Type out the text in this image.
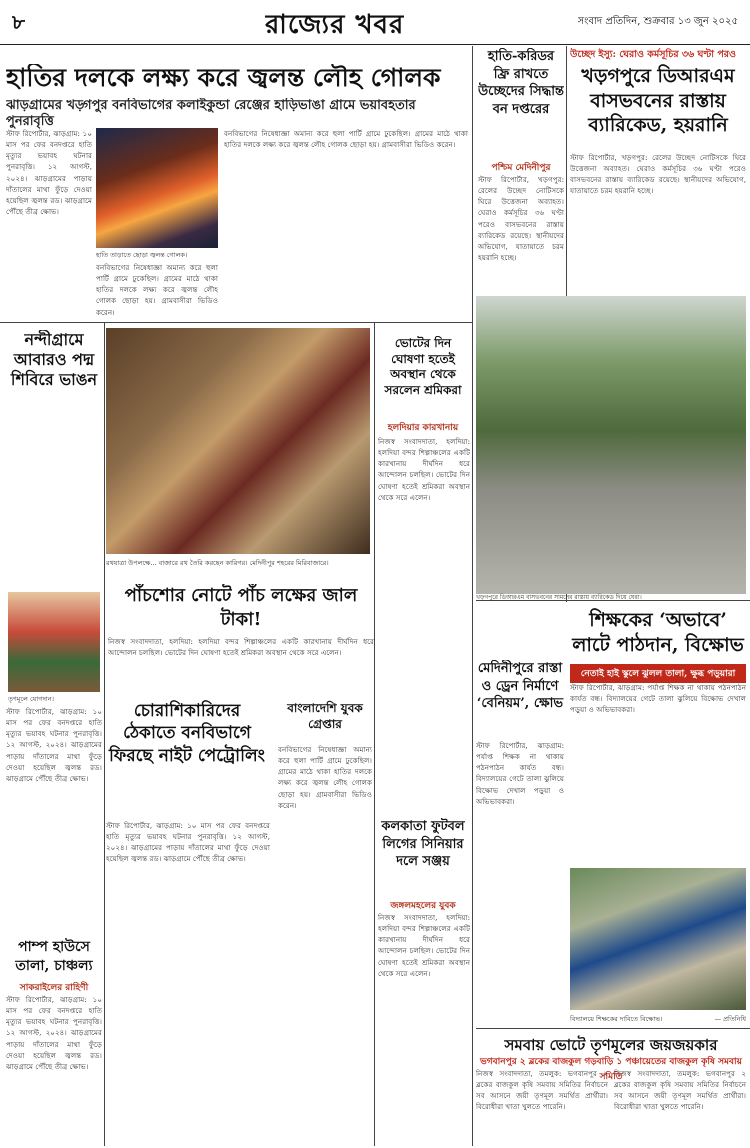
৮	রাজ্যের খবর	সংবাদ প্রতিদিন, শুক্রবার ১৩ জুন ২০২৫
হাতির দলকে লক্ষ্য করে জ্বলন্ত লৌহ গোলক
ঝাড়গ্রামের খড়্গপুর বনবিভাগের কলাইকুন্ডা রেঞ্জের হাড়িভাঙা গ্রামে ভয়াবহতার পুনরাবৃত্তি
স্টাফ রিপোর্টার, ঝাড়গ্রাম: ১০ মাস পর ফের বনদপ্তরে হাতি মৃত্যুর ভয়াবহ ঘটনার পুনরাবৃত্তি। ১২ আগস্ট, ২০২৪। ঝাড়গ্রামের পাড়ায় দাঁতালের মাথা ফুঁড়ে দেওয়া হয়েছিল জ্বলন্ত রড। ঝাড়গ্রামে পৌঁছে তীব্র ক্ষোভ।
হাতি তাড়াতে ছোড়া জ্বলন্ত গোলক।
বনবিভাগের নিষেধাজ্ঞা অমান্য করে হুলা পার্টি গ্রামে ঢুকেছিল। গ্রামের মাঠে থাকা হাতির দলকে লক্ষ্য করে জ্বলন্ত লৌহ গোলক ছোড়া হয়। গ্রামবাসীরা ভিডিও করেন।
বনবিভাগের নিষেধাজ্ঞা অমান্য করে হুলা পার্টি গ্রামে ঢুকেছিল। গ্রামের মাঠে থাকা হাতির দলকে লক্ষ্য করে জ্বলন্ত লৌহ গোলক ছোড়া হয়। গ্রামবাসীরা ভিডিও করেন।
নন্দীগ্রামে আবারও পদ্ম শিবিরে ভাঙন
তৃণমূলে যোগদান।
স্টাফ রিপোর্টার, ঝাড়গ্রাম: ১০ মাস পর ফের বনদপ্তরে হাতি মৃত্যুর ভয়াবহ ঘটনার পুনরাবৃত্তি। ১২ আগস্ট, ২০২৪। ঝাড়গ্রামের পাড়ায় দাঁতালের মাথা ফুঁড়ে দেওয়া হয়েছিল জ্বলন্ত রড। ঝাড়গ্রামে পৌঁছে তীব্র ক্ষোভ।
রথযাত্রা উপলক্ষে... বাজারে রথ তৈরি করছেন কারিগর। মেদিনীপুর শহরের মিরিবাজারে।
ভোটের দিন ঘোষণা হতেই অবস্থান থেকে সরলেন শ্রমিকরা
হলদিয়ার কারখানায়
নিজস্ব সংবাদদাতা, হলদিয়া: হলদিয়া বন্দর শিল্পাঞ্চলের একটি কারখানায় দীর্ঘদিন ধরে আন্দোলন চলছিল। ভোটের দিন ঘোষণা হতেই শ্রমিকরা অবস্থান থেকে সরে এলেন।
পাঁচশোর নোটে পাঁচ লক্ষের জাল টাকা!
নিজস্ব সংবাদদাতা, হলদিয়া: হলদিয়া বন্দর শিল্পাঞ্চলের একটি কারখানায় দীর্ঘদিন ধরে আন্দোলন চলছিল। ভোটের দিন ঘোষণা হতেই শ্রমিকরা অবস্থান থেকে সরে এলেন।
চোরাশিকারিদের ঠেকাতে বনবিভাগে ফিরছে নাইট পেট্রোলিং
স্টাফ রিপোর্টার, ঝাড়গ্রাম: ১০ মাস পর ফের বনদপ্তরে হাতি মৃত্যুর ভয়াবহ ঘটনার পুনরাবৃত্তি। ১২ আগস্ট, ২০২৪। ঝাড়গ্রামের পাড়ায় দাঁতালের মাথা ফুঁড়ে দেওয়া হয়েছিল জ্বলন্ত রড। ঝাড়গ্রামে পৌঁছে তীব্র ক্ষোভ।
বাংলাদেশি যুবক গ্রেপ্তার
বনবিভাগের নিষেধাজ্ঞা অমান্য করে হুলা পার্টি গ্রামে ঢুকেছিল। গ্রামের মাঠে থাকা হাতির দলকে লক্ষ্য করে জ্বলন্ত লৌহ গোলক ছোড়া হয়। গ্রামবাসীরা ভিডিও করেন।
কলকাতা ফুটবল লিগের সিনিয়ার দলে সঞ্জয়
জঙ্গলমহলের যুবক
নিজস্ব সংবাদদাতা, হলদিয়া: হলদিয়া বন্দর শিল্পাঞ্চলের একটি কারখানায় দীর্ঘদিন ধরে আন্দোলন চলছিল। ভোটের দিন ঘোষণা হতেই শ্রমিকরা অবস্থান থেকে সরে এলেন।
পাম্প হাউসে তালা, চাঞ্চল্য
সাকরাইলের রাহিণী
স্টাফ রিপোর্টার, ঝাড়গ্রাম: ১০ মাস পর ফের বনদপ্তরে হাতি মৃত্যুর ভয়াবহ ঘটনার পুনরাবৃত্তি। ১২ আগস্ট, ২০২৪। ঝাড়গ্রামের পাড়ায় দাঁতালের মাথা ফুঁড়ে দেওয়া হয়েছিল জ্বলন্ত রড। ঝাড়গ্রামে পৌঁছে তীব্র ক্ষোভ।
হাতি-করিডর ফ্রি রাখতে উচ্ছেদের সিদ্ধান্ত বন দপ্তরের
পশ্চিম মেদিনীপুর
স্টাফ রিপোর্টার, খড়গপুর: রেলের উচ্ছেদ নোটিসকে ঘিরে উত্তেজনা অব্যাহত। ঘেরাও কর্মসূচির ৩৬ ঘণ্টা পরেও বাসভবনের রাস্তায় ব্যারিকেড রয়েছে। স্থানীয়দের অভিযোগ, যাতায়াতে চরম হয়রানি হচ্ছে।
উচ্ছেদ ইস্যু: ঘেরাও কর্মসূচির ৩৬ ঘণ্টা পরও
খড়গপুরে ডিআরএম বাসভবনের রাস্তায় ব্যারিকেড, হয়রানি
স্টাফ রিপোর্টার, খড়গপুর: রেলের উচ্ছেদ নোটিসকে ঘিরে উত্তেজনা অব্যাহত। ঘেরাও কর্মসূচির ৩৬ ঘণ্টা পরেও বাসভবনের রাস্তায় ব্যারিকেড রয়েছে। স্থানীয়দের অভিযোগ, যাতায়াতে চরম হয়রানি হচ্ছে।
খড়গপুরে ডিআরএম বাসভবনের সামনের রাস্তায় ব্যারিকেড দিয়ে ঘেরা।
শিক্ষকের ‘অভাবে’ লাটে পাঠদান, বিক্ষোভ
নেতাই হাই স্কুলে ঝুলল তালা, ক্ষুব্ধ পড়ুয়ারা
স্টাফ রিপোর্টার, ঝাড়গ্রাম: পর্যাপ্ত শিক্ষক না থাকায় পঠনপাঠন কার্যত বন্ধ। বিদ্যালয়ের গেটে তালা ঝুলিয়ে বিক্ষোভ দেখাল পড়ুয়া ও অভিভাবকরা।
বিদ্যালয়ে শিক্ষকের দাবিতে বিক্ষোভ।	— প্রতিনিধি
মেদিনীপুরে রাস্তা ও ড্রেন নির্মাণে ‘বেনিয়ম’, ক্ষোভ
স্টাফ রিপোর্টার, ঝাড়গ্রাম: পর্যাপ্ত শিক্ষক না থাকায় পঠনপাঠন কার্যত বন্ধ। বিদ্যালয়ের গেটে তালা ঝুলিয়ে বিক্ষোভ দেখাল পড়ুয়া ও অভিভাবকরা।
সমবায় ভোটে তৃণমূলের জয়জয়কার
ভগবানপুর ২ ব্লকের বাজকুল গড়বাড়ি ১ পঞ্চায়েতের বাজকুল কৃষি সমবায় সমিতি
নিজস্ব সংবাদদাতা, তমলুক: ভগবানপুর ২ ব্লকের বাজকুল কৃষি সমবায় সমিতির নির্বাচনে সব আসনে জয়ী তৃণমূল সমর্থিত প্রার্থীরা। বিরোধীরা খাতা খুলতে পারেনি।
নিজস্ব সংবাদদাতা, তমলুক: ভগবানপুর ২ ব্লকের বাজকুল কৃষি সমবায় সমিতির নির্বাচনে সব আসনে জয়ী তৃণমূল সমর্থিত প্রার্থীরা। বিরোধীরা খাতা খুলতে পারেনি।
